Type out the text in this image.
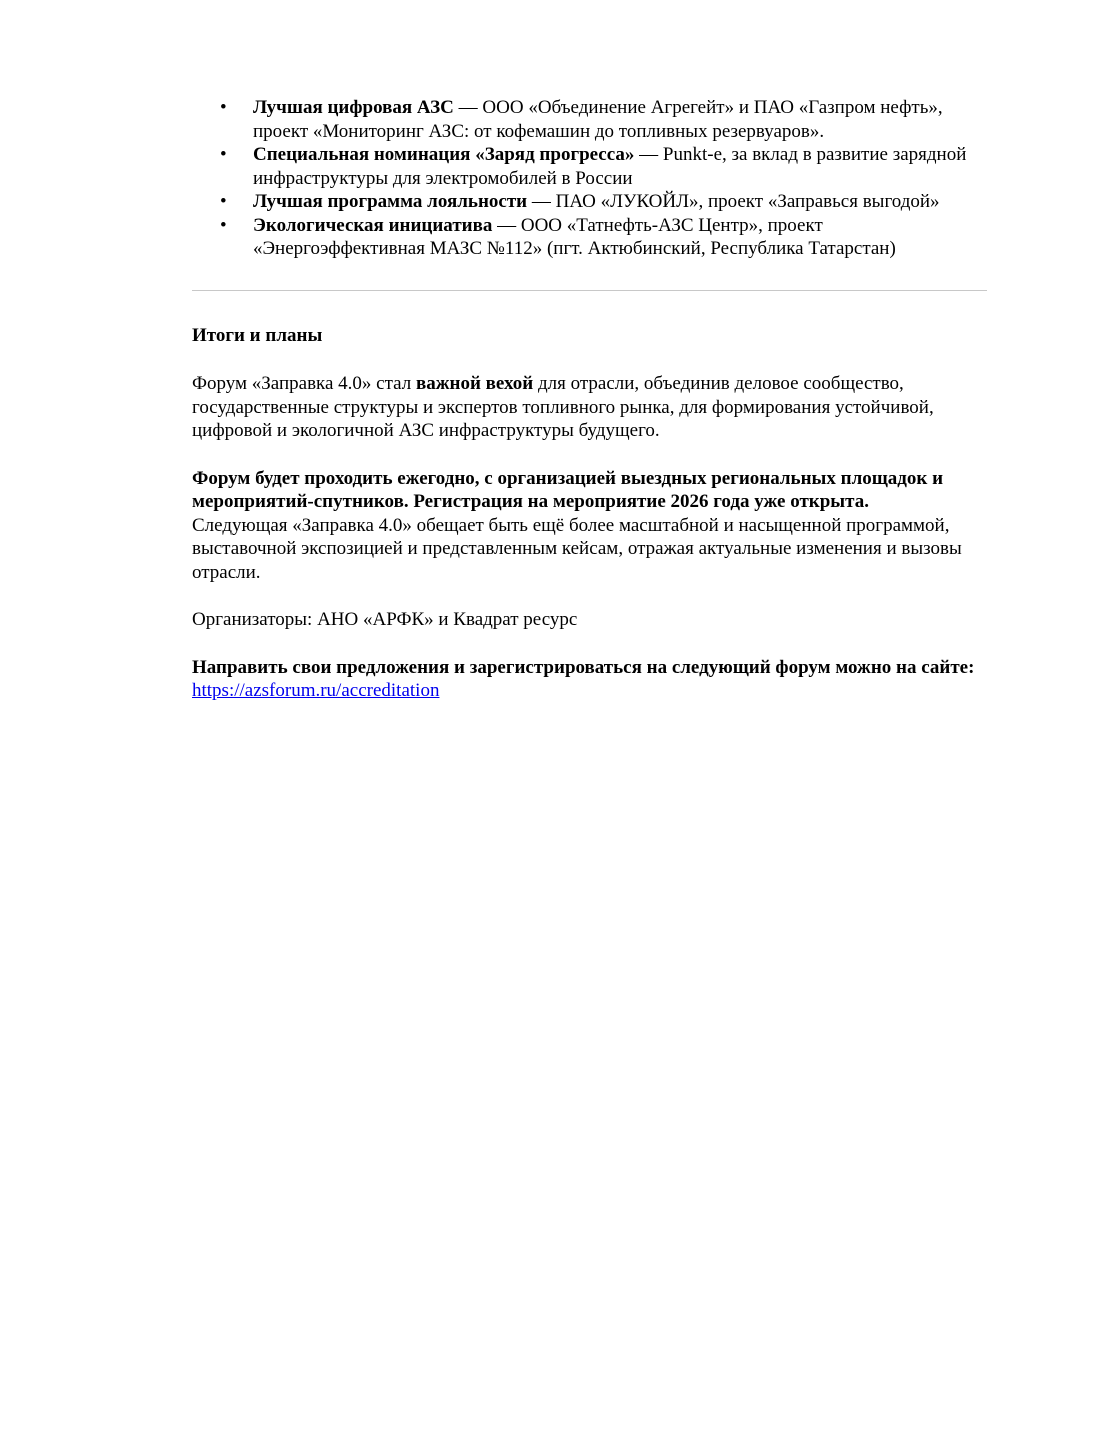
• Лучшая цифровая АЗС — ООО «Объединение Агрегейт» и ПАО «Газпром нефть», проект «Мониторинг АЗС: от кофемашин до топливных резервуаров».
• Специальная номинация «Заряд прогресса» — Punkt-e, за вклад в развитие зарядной инфраструктуры для электромобилей в России
• Лучшая программа лояльности — ПАО «ЛУКОЙЛ», проект «Заправься выгодой»
• Экологическая инициатива — ООО «Татнефть-АЗС Центр», проект «Энергоэффективная МАЗС №112» (пгт. Актюбинский, Республика Татарстан)
Итоги и планы

Форум «Заправка 4.0» стал важной вехой для отрасли, объединив деловое сообщество, государственные структуры и экспертов топливного рынка, для формирования устойчивой, цифровой и экологичной АЗС инфраструктуры будущего.

Форум будет проходить ежегодно, с организацией выездных региональных площадок и мероприятий-спутников. Регистрация на мероприятие 2026 года уже открыта.

Следующая «Заправка 4.0» обещает быть ещё более масштабной и насыщенной программой, выставочной экспозицией и представленным кейсам, отражая актуальные изменения и вызовы отрасли.

Организаторы: АНО «АРФК» и Квадрат ресурс

Направить свои предложения и зарегистрироваться на следующий форум можно на сайте: https://azsforum.ru/accreditation
